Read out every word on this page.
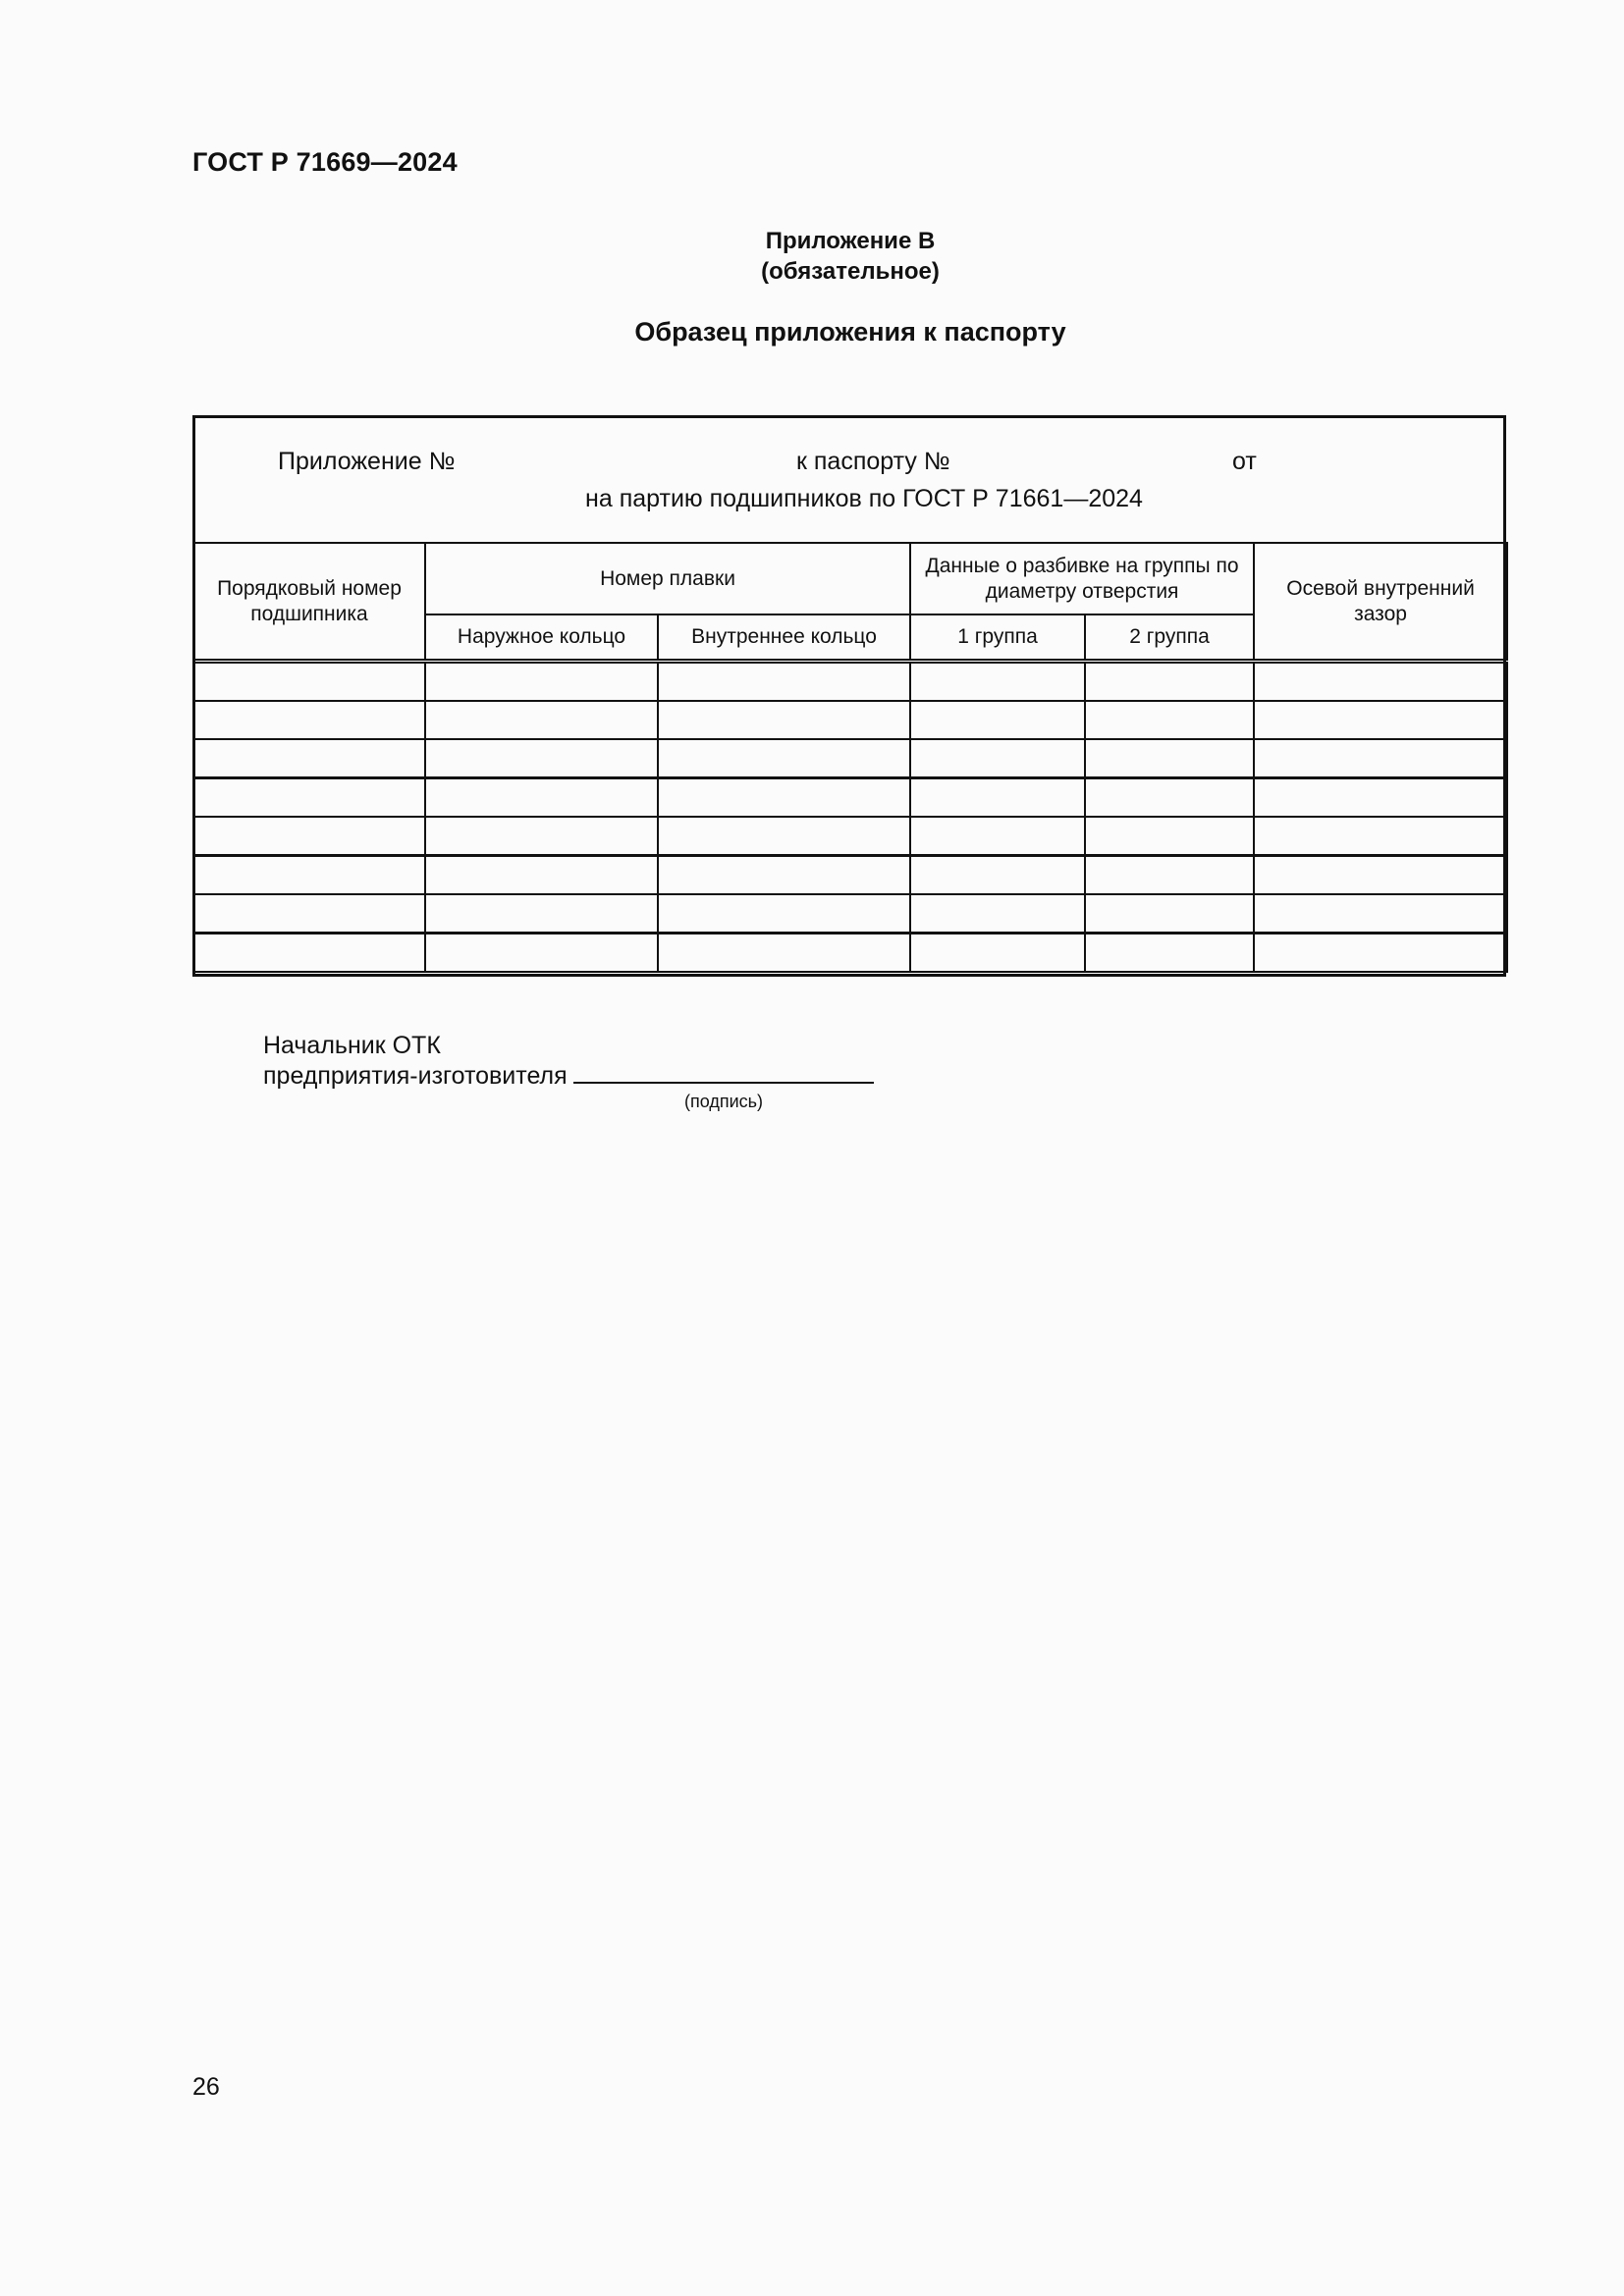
ГОСТ Р 71669—2024
Приложение В
(обязательное)
Образец приложения к паспорту
Приложение №	к паспорту №	от
на партию подшипников по ГОСТ Р 71661—2024
Порядковый номер подшипника	Номер плавки		Данные о разбивке на группы по диаметру отверстия		Осевой внутренний зазор
	Наружное кольцо	Внутреннее кольцо	1 группа	2 группа	

Начальник ОТК
предприятия-изготовителя
(подпись)
26
